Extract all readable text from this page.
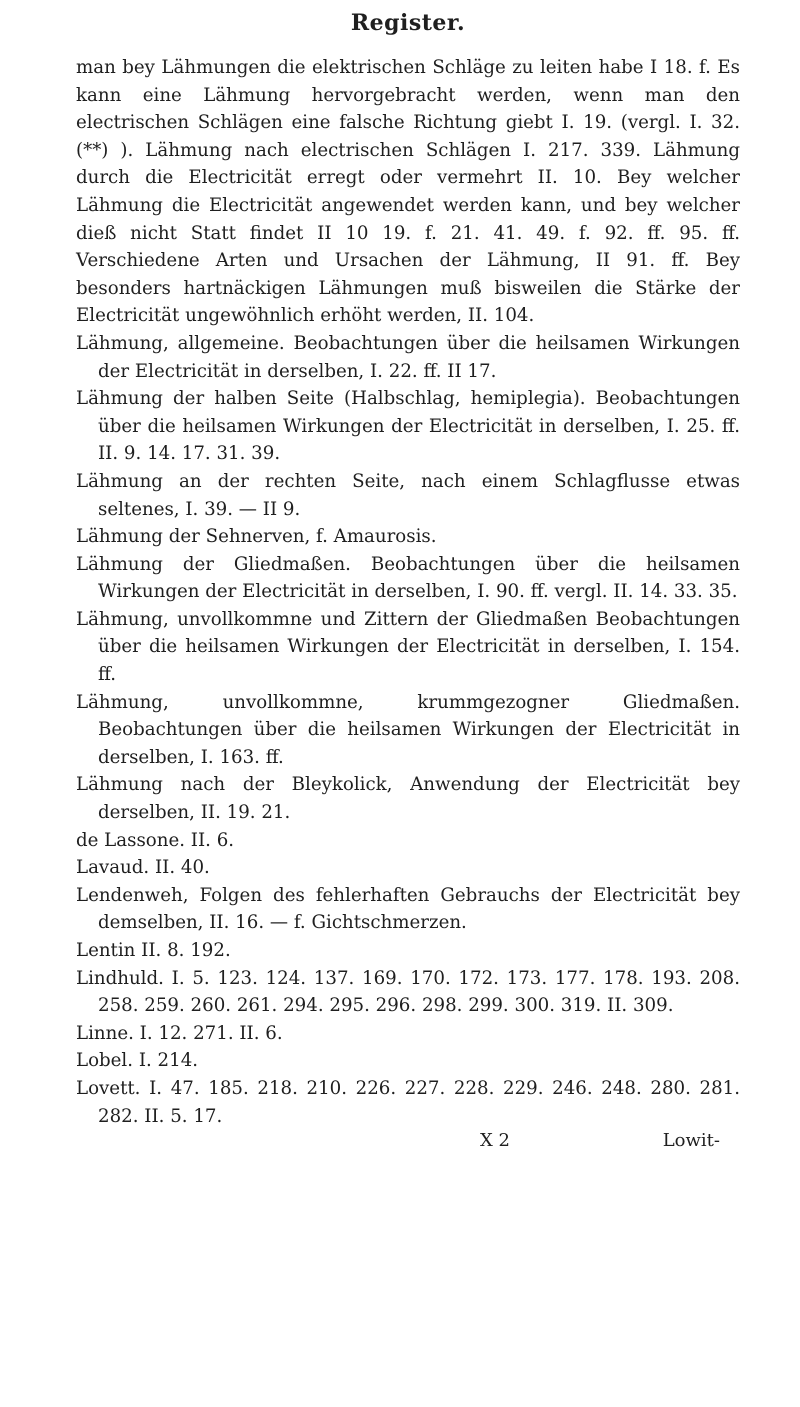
Register.

man bey Lähmungen die elektrischen Schläge zu leiten habe I 18. f. Es kann eine Lähmung hervorgebracht werden, wenn man den electrischen Schlägen eine falsche Richtung giebt I. 19. (vergl. I. 32. (**) ). Lähmung nach electrischen Schlägen I. 217. 339. Lähmung durch die Electricität erregt oder vermehrt II. 10. Bey welcher Lähmung die Electricität angewendet werden kann, und bey welcher dieß nicht Statt findet II 10 19. f. 21. 41. 49. f. 92. ff. 95. ff. Verschiedene Arten und Ursachen der Lähmung, II 91. ff. Bey besonders hartnäckigen Lähmungen muß bisweilen die Stärke der Electricität ungewöhnlich erhöht werden, II. 104.

Lähmung, allgemeine. Beobachtungen über die heilsamen Wirkungen der Electricität in derselben, I. 22. ff. II 17.

Lähmung der halben Seite (Halbschlag, hemiplegia). Beobachtungen über die heilsamen Wirkungen der Electricität in derselben, I. 25. ff. II. 9. 14. 17. 31. 39.

Lähmung an der rechten Seite, nach einem Schlagflusse etwas seltenes, I. 39. — II 9.

Lähmung der Sehnerven, f. Amaurosis.

Lähmung der Gliedmaßen. Beobachtungen über die heilsamen Wirkungen der Electricität in derselben, I. 90. ff. vergl. II. 14. 33. 35.

Lähmung, unvollkommne und Zittern der Gliedmaßen Beobachtungen über die heilsamen Wirkungen der Electricität in derselben, I. 154. ff.

Lähmung, unvollkommne, krummgezogner Gliedmaßen. Beobachtungen über die heilsamen Wirkungen der Electricität in derselben, I. 163. ff.

Lähmung nach der Bleykolick, Anwendung der Electricität bey derselben, II. 19. 21.

de Lassone. II. 6.

Lavaud. II. 40.

Lendenweh, Folgen des fehlerhaften Gebrauchs der Electricität bey demselben, II. 16. — f. Gichtschmerzen.

Lentin II. 8. 192.

Lindhuld. I. 5. 123. 124. 137. 169. 170. 172. 173. 177. 178. 193. 208. 258. 259. 260. 261. 294. 295. 296. 298. 299. 300. 319. II. 309.

Linne. I. 12. 271. II. 6.

Lobel. I. 214.

Lovett. I. 47. 185. 218. 210. 226. 227. 228. 229. 246. 248. 280. 281. 282. II. 5. 17.

X 2	Lowit-
